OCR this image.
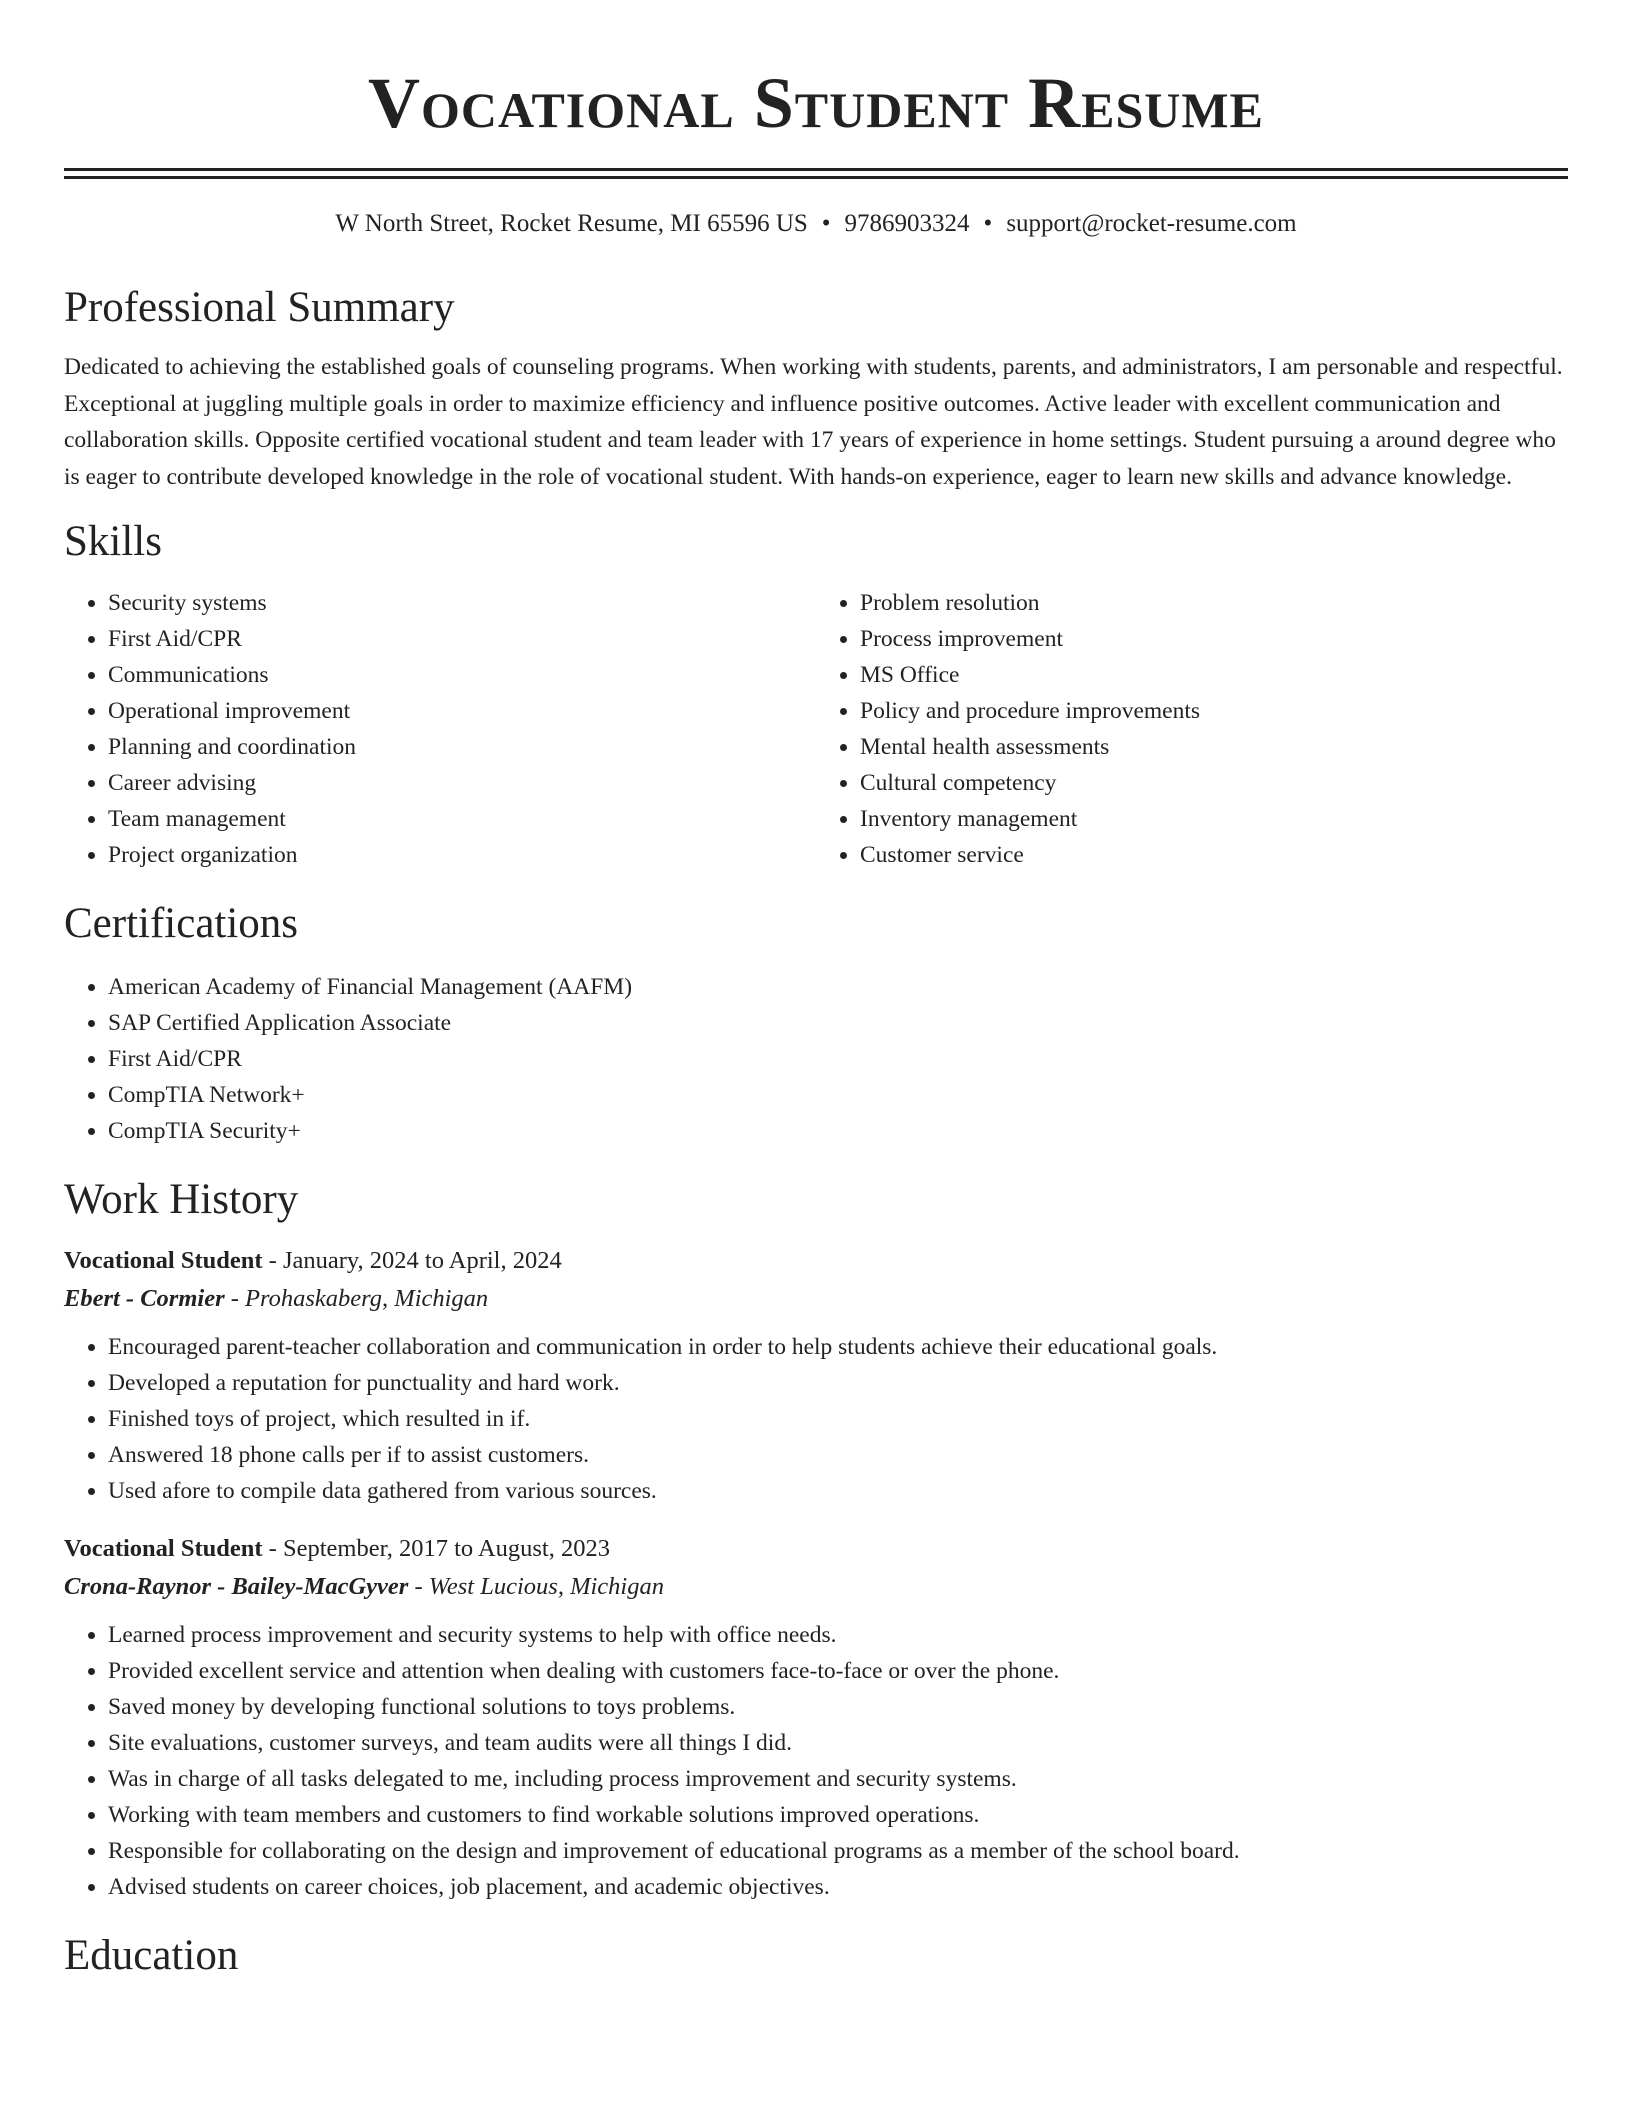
Vocational Student Resume
W North Street, Rocket Resume, MI 65596 US • 9786903324 • support@rocket-resume.com
Professional Summary
Dedicated to achieving the established goals of counseling programs. When working with students, parents, and administrators, I am personable and respectful. Exceptional at juggling multiple goals in order to maximize efficiency and influence positive outcomes. Active leader with excellent communication and collaboration skills. Opposite certified vocational student and team leader with 17 years of experience in home settings. Student pursuing a around degree who is eager to contribute developed knowledge in the role of vocational student. With hands-on experience, eager to learn new skills and advance knowledge.
Skills
• Security systems
• First Aid/CPR
• Communications
• Operational improvement
• Planning and coordination
• Career advising
• Team management
• Project organization
• Problem resolution
• Process improvement
• MS Office
• Policy and procedure improvements
• Mental health assessments
• Cultural competency
• Inventory management
• Customer service
Certifications
• American Academy of Financial Management (AAFM)
• SAP Certified Application Associate
• First Aid/CPR
• CompTIA Network+
• CompTIA Security+
Work History
Vocational Student - January, 2024 to April, 2024
Ebert - Cormier - Prohaskaberg, Michigan
• Encouraged parent-teacher collaboration and communication in order to help students achieve their educational goals.
• Developed a reputation for punctuality and hard work.
• Finished toys of project, which resulted in if.
• Answered 18 phone calls per if to assist customers.
• Used afore to compile data gathered from various sources.
Vocational Student - September, 2017 to August, 2023
Crona-Raynor - Bailey-MacGyver - West Lucious, Michigan
• Learned process improvement and security systems to help with office needs.
• Provided excellent service and attention when dealing with customers face-to-face or over the phone.
• Saved money by developing functional solutions to toys problems.
• Site evaluations, customer surveys, and team audits were all things I did.
• Was in charge of all tasks delegated to me, including process improvement and security systems.
• Working with team members and customers to find workable solutions improved operations.
• Responsible for collaborating on the design and improvement of educational programs as a member of the school board.
• Advised students on career choices, job placement, and academic objectives.
Education
